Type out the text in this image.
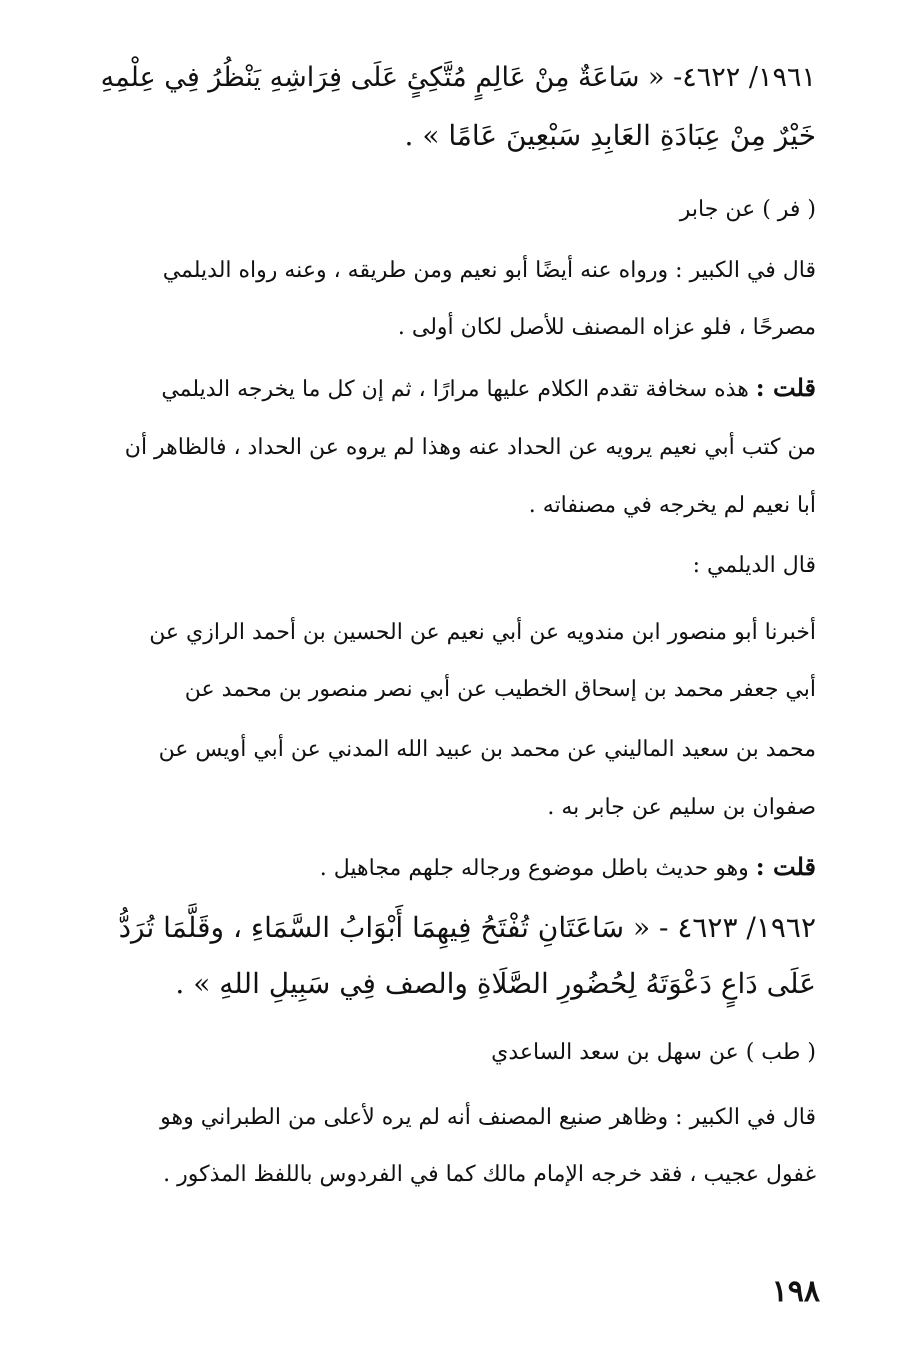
١٩٦١/ ٤٦٢٢- « سَاعَةٌ مِنْ عَالِمٍ مُتَّكِئٍ عَلَى فِرَاشِهِ يَنْظُرُ فِي عِلْمِهِ
خَيْرٌ مِنْ عِبَادَةِ العَابِدِ سَبْعِينَ عَامًا » .
( فر ) عن جابر
قال في الكبير : ورواه عنه أيضًا أبو نعيم ومن طريقه ، وعنه رواه الديلمي
مصرحًا ، فلو عزاه المصنف للأصل لكان أولى .
قلت : هذه سخافة تقدم الكلام عليها مرارًا ، ثم إن كل ما يخرجه الديلمي
من كتب أبي نعيم يرويه عن الحداد عنه وهذا لم يروه عن الحداد ، فالظاهر أن
أبا نعيم لم يخرجه في مصنفاته .
قال الديلمي :
أخبرنا أبو منصور ابن مندويه عن أبي نعيم عن الحسين بن أحمد الرازي عن
أبي جعفر محمد بن إسحاق الخطيب عن أبي نصر منصور بن محمد عن
محمد بن سعيد الماليني عن محمد بن عبيد الله المدني عن أبي أويس عن
صفوان بن سليم عن جابر به .
قلت : وهو حديث باطل موضوع ورجاله جلهم مجاهيل .
١٩٦٢/ ٤٦٢٣ - « سَاعَتَانِ تُفْتَحُ فِيهِمَا أَبْوَابُ السَّمَاءِ ، وقَلَّمَا تُرَدُّ
عَلَى دَاعٍ دَعْوَتَهُ لِحُضُورِ الصَّلَاةِ والصف فِي سَبِيلِ اللهِ » .
( طب ) عن سهل بن سعد الساعدي
قال في الكبير : وظاهر صنيع المصنف أنه لم يره لأعلى من الطبراني وهو
غفول عجيب ، فقد خرجه الإمام مالك كما في الفردوس باللفظ المذكور .
١٩٨
